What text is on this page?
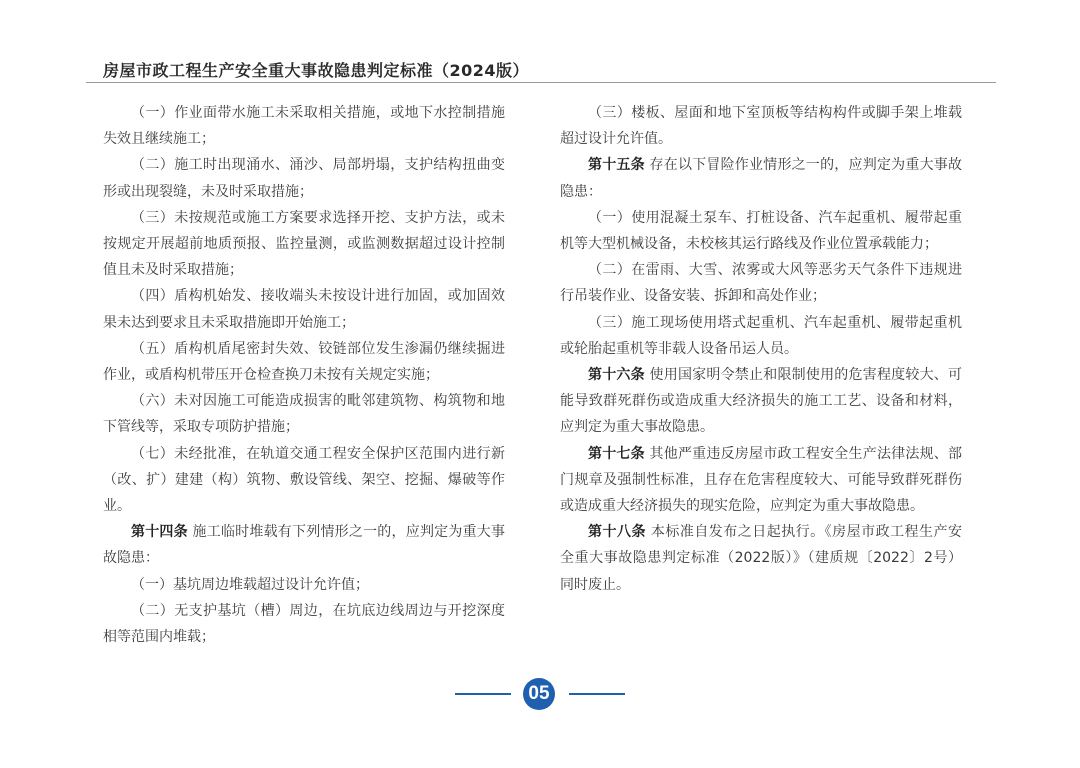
房屋市政工程生产安全重大事故隐患判定标准（2024版）

（一）作业面带水施工未采取相关措施，或地下水控制措施失效且继续施工；

（二）施工时出现涌水、涌沙、局部坍塌，支护结构扭曲变形或出现裂缝，未及时采取措施；

（三）未按规范或施工方案要求选择开挖、支护方法，或未按规定开展超前地质预报、监控量测，或监测数据超过设计控制值且未及时采取措施；

（四）盾构机始发、接收端头未按设计进行加固，或加固效果未达到要求且未采取措施即开始施工；

（五）盾构机盾尾密封失效、铰链部位发生渗漏仍继续掘进作业，或盾构机带压开仓检查换刀未按有关规定实施；

（六）未对因施工可能造成损害的毗邻建筑物、构筑物和地下管线等，采取专项防护措施；

（七）未经批准，在轨道交通工程安全保护区范围内进行新（改、扩）建建（构）筑物、敷设管线、架空、挖掘、爆破等作业。

第十四条 施工临时堆载有下列情形之一的，应判定为重大事故隐患：

（一）基坑周边堆载超过设计允许值；

（二）无支护基坑（槽）周边，在坑底边线周边与开挖深度相等范围内堆载；

（三）楼板、屋面和地下室顶板等结构构件或脚手架上堆载超过设计允许值。

第十五条 存在以下冒险作业情形之一的，应判定为重大事故隐患：

（一）使用混凝土泵车、打桩设备、汽车起重机、履带起重机等大型机械设备，未校核其运行路线及作业位置承载能力；

（二）在雷雨、大雪、浓雾或大风等恶劣天气条件下违规进行吊装作业、设备安装、拆卸和高处作业；

（三）施工现场使用塔式起重机、汽车起重机、履带起重机或轮胎起重机等非载人设备吊运人员。

第十六条 使用国家明令禁止和限制使用的危害程度较大、可能导致群死群伤或造成重大经济损失的施工工艺、设备和材料，应判定为重大事故隐患。

第十七条 其他严重违反房屋市政工程安全生产法律法规、部门规章及强制性标准，且存在危害程度较大、可能导致群死群伤或造成重大经济损失的现实危险，应判定为重大事故隐患。

第十八条 本标准自发布之日起执行。《房屋市政工程生产安全重大事故隐患判定标准（2022版）》（建质规〔2022〕2号）同时废止。

05
